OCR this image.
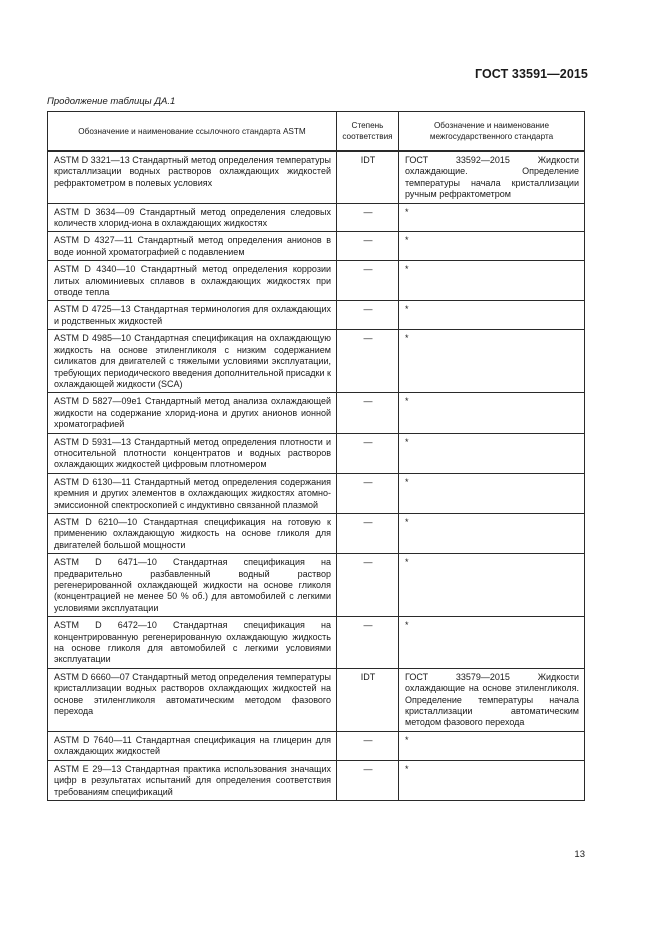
ГОСТ 33591—2015
Продолжение таблицы ДА.1
Обозначение и наименование ссылочного стандарта ASTM	Степень соответствия	Обозначение и наименование межгосударственного стандарта
ASTM D 3321—13 Стандартный метод определения температуры кристаллизации водных растворов охлаждающих жидкостей рефрактометром в полевых условиях	IDT	ГОСТ 33592—2015 Жидкости охлаждающие. Определение температуры начала кристаллизации ручным рефрактометром
ASTM D 3634—09 Стандартный метод определения следовых количеств хлорид-иона в охлаждающих жидкостях	—	*
ASTM D 4327—11 Стандартный метод определения анионов в воде ионной хроматографией с подавлением	—	*
ASTM D 4340—10 Стандартный метод определения коррозии литых алюминиевых сплавов в охлаждающих жидкостях при отводе тепла	—	*
ASTM D 4725—13 Стандартная терминология для охлаждающих и родственных жидкостей	—	*
ASTM D 4985—10 Стандартная спецификация на охлаждающую жидкость на основе этиленгликоля с низким содержанием силикатов для двигателей с тяжелыми условиями эксплуатации, требующих периодического введения дополнительной присадки к охлаждающей жидкости (SCA)	—	*
ASTM D 5827—09e1 Стандартный метод анализа охлаждающей жидкости на содержание хлорид-иона и других анионов ионной хроматографией	—	*
ASTM D 5931—13 Стандартный метод определения плотности и относительной плотности концентратов и водных растворов охлаждающих жидкостей цифровым плотномером	—	*
ASTM D 6130—11 Стандартный метод определения содержания кремния и других элементов в охлаждающих жидкостях атомно-эмиссионной спектроскопией с индуктивно связанной плазмой	—	*
ASTM D 6210—10 Стандартная спецификация на готовую к применению охлаждающую жидкость на основе гликоля для двигателей большой мощности	—	*
ASTM D 6471—10 Стандартная спецификация на предварительно разбавленный водный раствор регенерированной охлаждающей жидкости на основе гликоля (концентрацией не менее 50 % об.) для автомобилей с легкими условиями эксплуатации	—	*
ASTM D 6472—10 Стандартная спецификация на концентрированную регенерированную охлаждающую жидкость на основе гликоля для автомобилей с легкими условиями эксплуатации	—	*
ASTM D 6660—07 Стандартный метод определения температуры кристаллизации водных растворов охлаждающих жидкостей на основе этиленгликоля автоматическим методом фазового перехода	IDT	ГОСТ 33579—2015 Жидкости охлаждающие на основе этиленгликоля. Определение температуры начала кристаллизации автоматическим методом фазового перехода
ASTM D 7640—11 Стандартная спецификация на глицерин для охлаждающих жидкостей	—	*
ASTM E 29—13 Стандартная практика использования значащих цифр в результатах испытаний для определения соответствия требованиям спецификаций	—	*
13
